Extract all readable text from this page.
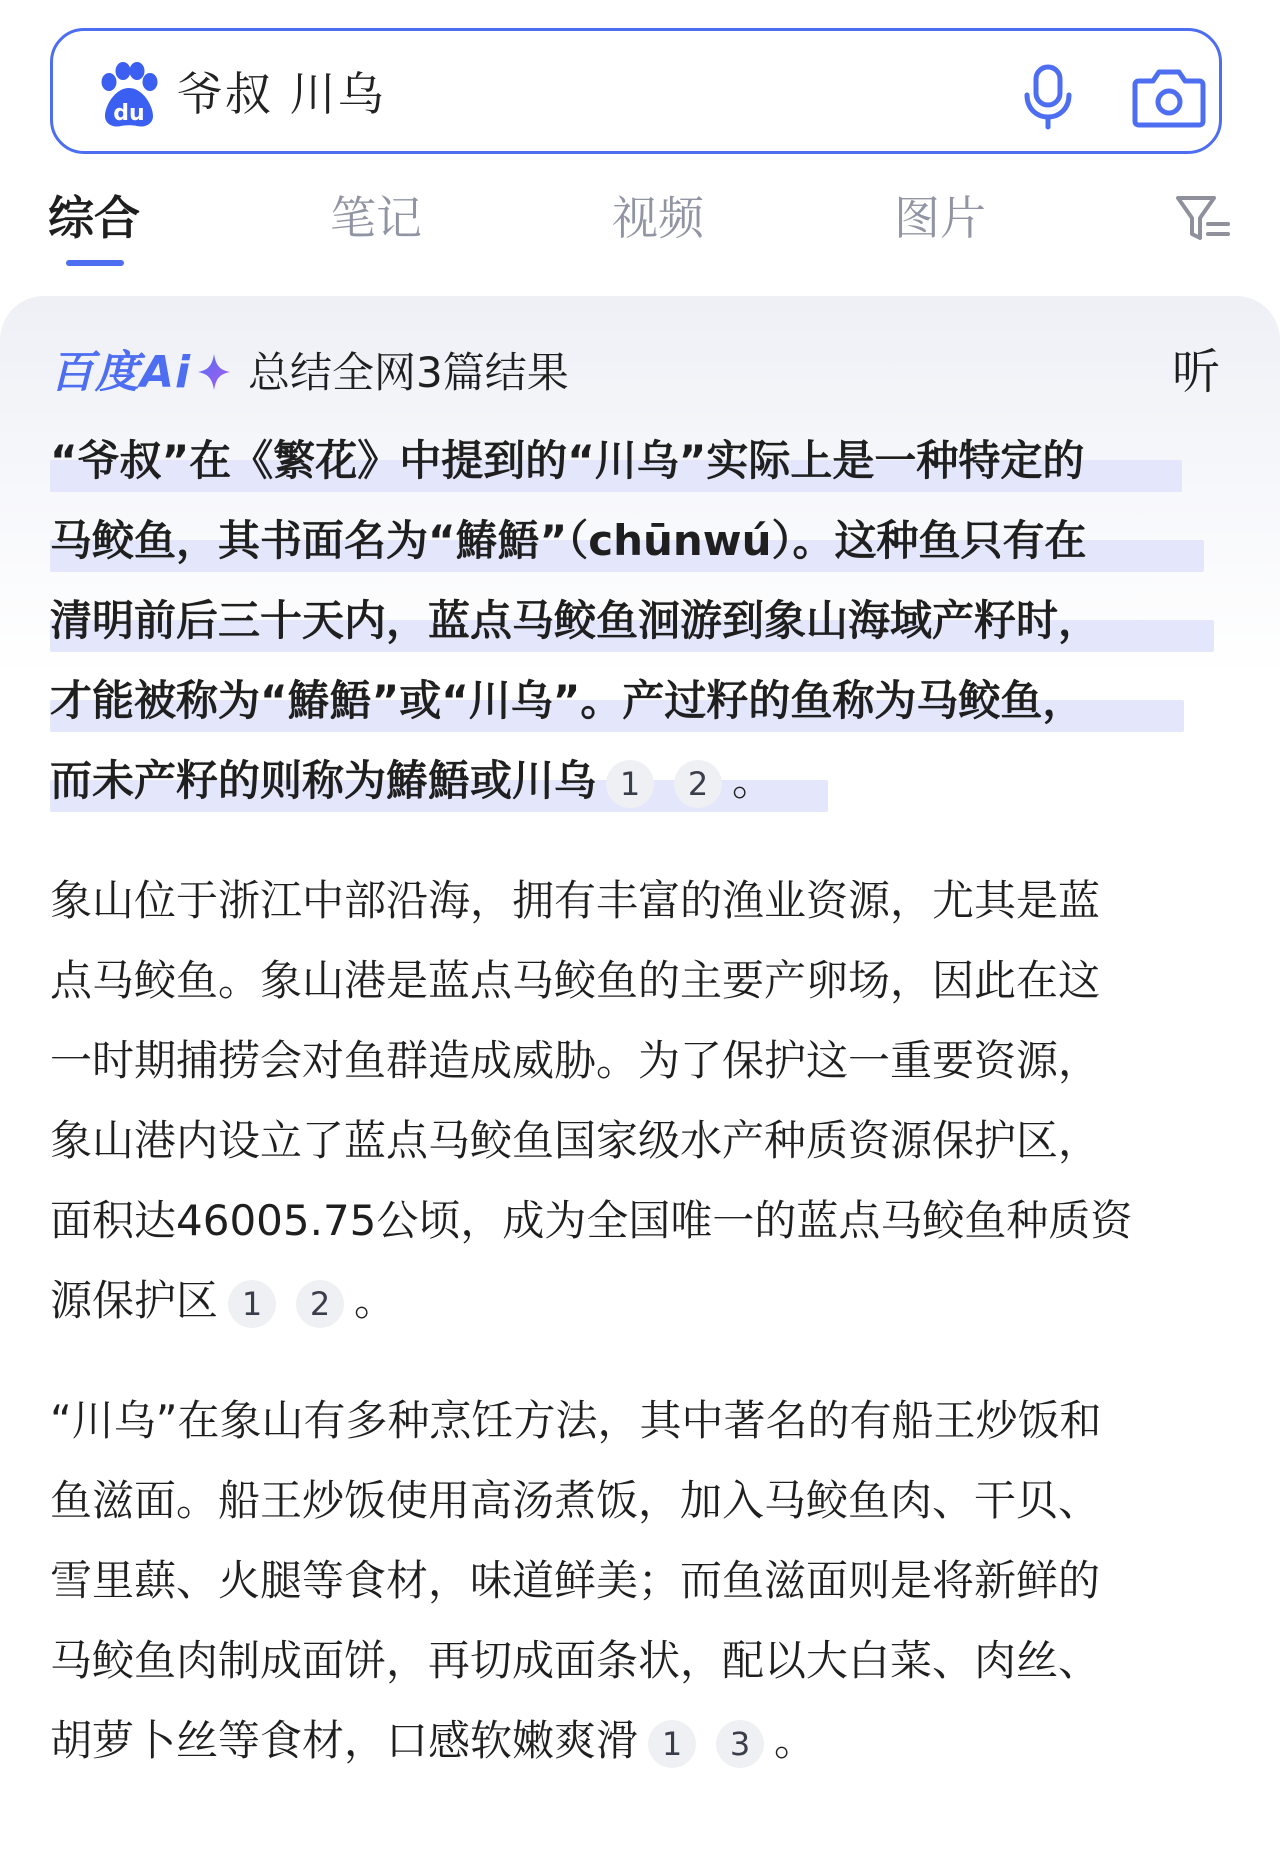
du 爷叔 川乌
综合	笔记	视频	图片
百度Ai 总结全网3篇结果	听
“爷叔”在《繁花》中提到的“川乌”实际上是一种特定的
马鲛鱼，其书面名为“鰆鯃”（chūnwú）。这种鱼只有在
清明前后三十天内，蓝点马鲛鱼洄游到象山海域产籽时，
才能被称为“鰆鯃”或“川乌”。产过籽的鱼称为马鲛鱼，
而未产籽的则称为鰆鯃或川乌 1 2 。
象山位于浙江中部沿海，拥有丰富的渔业资源，尤其是蓝
点马鲛鱼。象山港是蓝点马鲛鱼的主要产卵场，因此在这
一时期捕捞会对鱼群造成威胁。为了保护这一重要资源，
象山港内设立了蓝点马鲛鱼国家级水产种质资源保护区，
面积达46005.75公顷，成为全国唯一的蓝点马鲛鱼种质资
源保护区 1 2 。
“川乌”在象山有多种烹饪方法，其中著名的有船王炒饭和
鱼滋面。船王炒饭使用高汤煮饭，加入马鲛鱼肉、干贝、
雪里蕻、火腿等食材，味道鲜美；而鱼滋面则是将新鲜的
马鲛鱼肉制成面饼，再切成面条状，配以大白菜、肉丝、
胡萝卜丝等食材，口感软嫩爽滑 1 3 。
